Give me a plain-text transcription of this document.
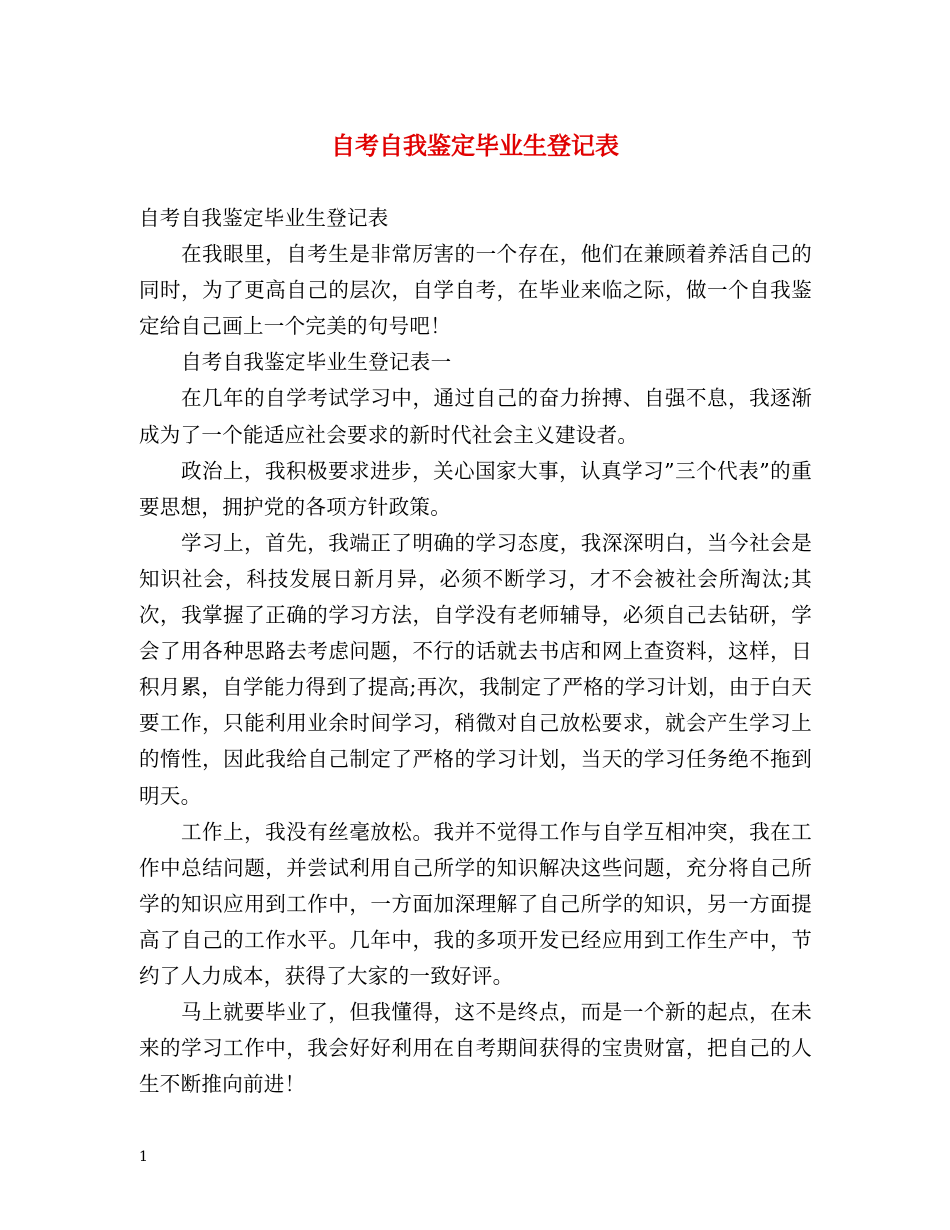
自考自我鉴定毕业生登记表

自考自我鉴定毕业生登记表

在我眼里，自考生是非常厉害的一个存在，他们在兼顾着养活自己的同时，为了更高自己的层次，自学自考，在毕业来临之际，做一个自我鉴定给自己画上一个完美的句号吧！

自考自我鉴定毕业生登记表一

在几年的自学考试学习中，通过自己的奋力拚搏、自强不息，我逐渐成为了一个能适应社会要求的新时代社会主义建设者。

政治上，我积极要求进步，关心国家大事，认真学习”三个代表”的重要思想，拥护党的各项方针政策。

学习上，首先，我端正了明确的学习态度，我深深明白，当今社会是知识社会，科技发展日新月异，必须不断学习，才不会被社会所淘汰;其次，我掌握了正确的学习方法，自学没有老师辅导，必须自己去钻研，学会了用各种思路去考虑问题，不行的话就去书店和网上查资料，这样，日积月累，自学能力得到了提高;再次，我制定了严格的学习计划，由于白天要工作，只能利用业余时间学习，稍微对自己放松要求，就会产生学习上的惰性，因此我给自己制定了严格的学习计划，当天的学习任务绝不拖到明天。

工作上，我没有丝毫放松。我并不觉得工作与自学互相冲突，我在工作中总结问题，并尝试利用自己所学的知识解决这些问题，充分将自己所学的知识应用到工作中，一方面加深理解了自己所学的知识，另一方面提高了自己的工作水平。几年中，我的多项开发已经应用到工作生产中，节约了人力成本，获得了大家的一致好评。

马上就要毕业了，但我懂得，这不是终点，而是一个新的起点，在未来的学习工作中，我会好好利用在自考期间获得的宝贵财富，把自己的人生不断推向前进！

1
